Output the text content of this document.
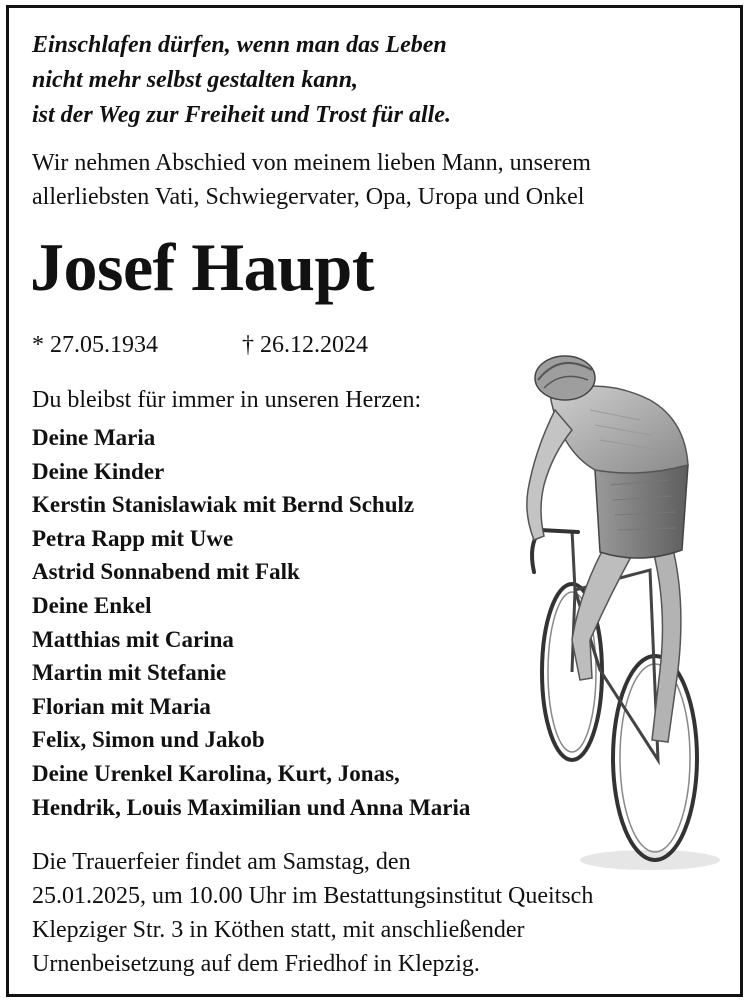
Einschlafen dürfen, wenn man das Leben
nicht mehr selbst gestalten kann,
ist der Weg zur Freiheit und Trost für alle.
Wir nehmen Abschied von meinem lieben Mann, unserem
allerliebsten Vati, Schwiegervater, Opa, Uropa und Onkel
Josef Haupt
* 27.05.1934	† 26.12.2024
Du bleibst für immer in unseren Herzen:
Deine Maria
Deine Kinder
Kerstin Stanislawiak mit Bernd Schulz
Petra Rapp mit Uwe
Astrid Sonnabend mit Falk
Deine Enkel
Matthias mit Carina
Martin mit Stefanie
Florian mit Maria
Felix, Simon und Jakob
Deine Urenkel Karolina, Kurt, Jonas,
Hendrik, Louis Maximilian und Anna Maria
Die Trauerfeier findet am Samstag, den
25.01.2025, um 10.00 Uhr im Bestattungsinstitut Queitsch
Klepziger Str. 3 in Köthen statt, mit anschließender
Urnenbeisetzung auf dem Friedhof in Klepzig.
